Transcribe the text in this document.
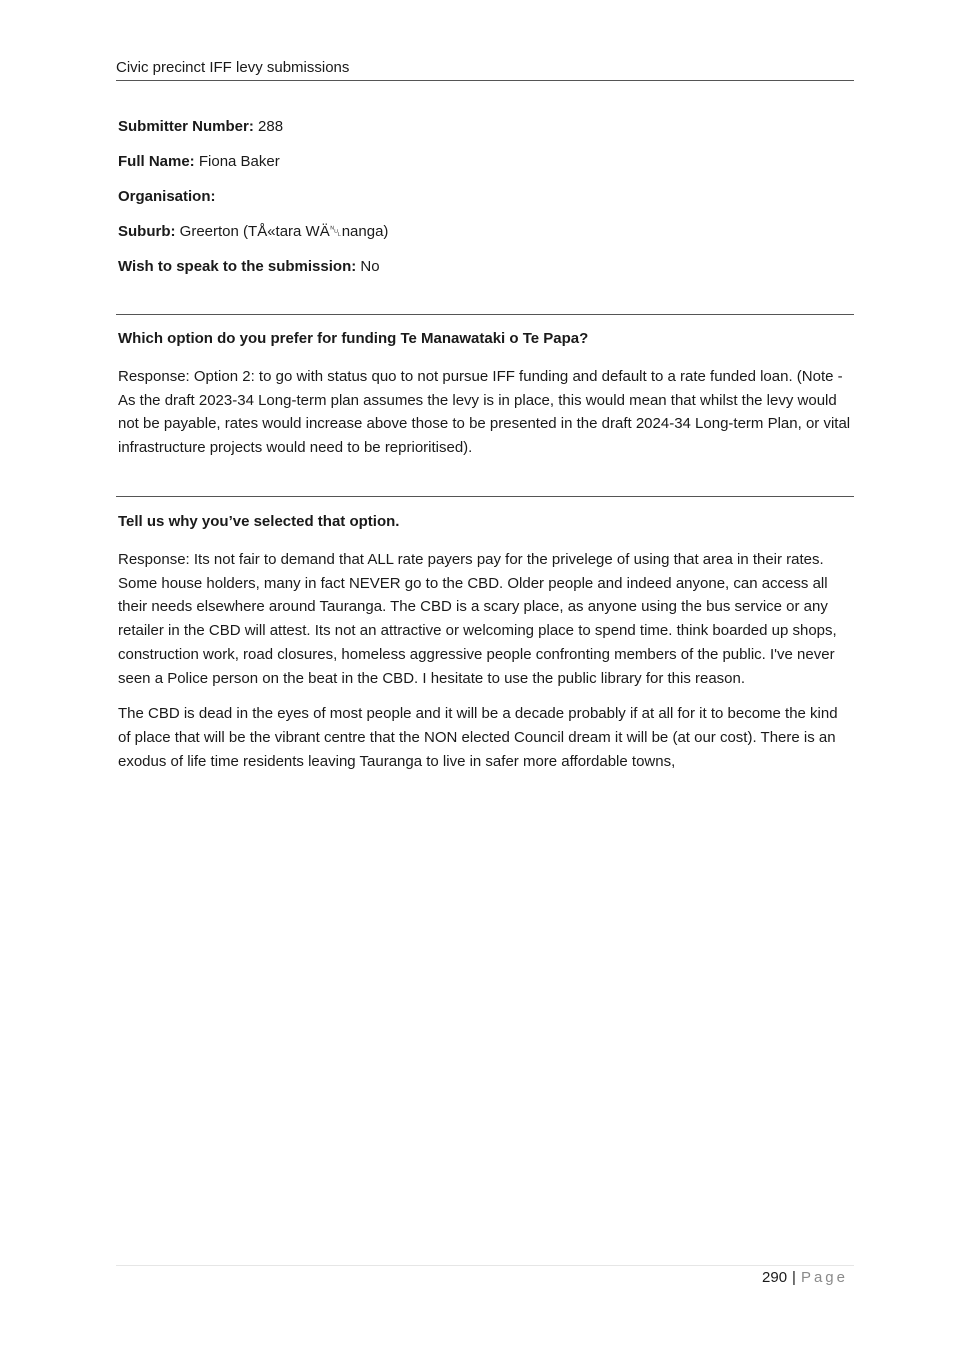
Civic precinct IFF levy submissions
Submitter Number: 288
Full Name: Fiona Baker
Organisation:
Suburb: Greerton (TÅ«tara WÄ␀nanga)
Wish to speak to the submission: No

Which option do you prefer for funding Te Manawataki o Te Papa?

Response: Option 2: to go with status quo to not pursue IFF funding and default to a rate funded loan. (Note - As the draft 2023-34 Long-term plan assumes the levy is in place, this would mean that whilst the levy would not be payable, rates would increase above those to be presented in the draft 2024-34 Long-term Plan, or vital infrastructure projects would need to be reprioritised).

Tell us why you’ve selected that option.

Response: Its not fair to demand that ALL rate payers pay for the privelege of using that area in their rates. Some house holders, many in fact NEVER go to the CBD. Older people and indeed anyone, can access all their needs elsewhere around Tauranga. The CBD is a scary place, as anyone using the bus service or any retailer in the CBD will attest. Its not an attractive or welcoming place to spend time. think boarded up shops, construction work, road closures, homeless aggressive people confronting members of the public. I've never seen a Police person on the beat in the CBD. I hesitate to use the public library for this reason.

The CBD is dead in the eyes of most people and it will be a decade probably if at all for it to become the kind of place that will be the vibrant centre that the NON elected Council dream it will be (at our cost). There is an exodus of life time residents leaving Tauranga to live in safer more affordable towns,

290 | Page
